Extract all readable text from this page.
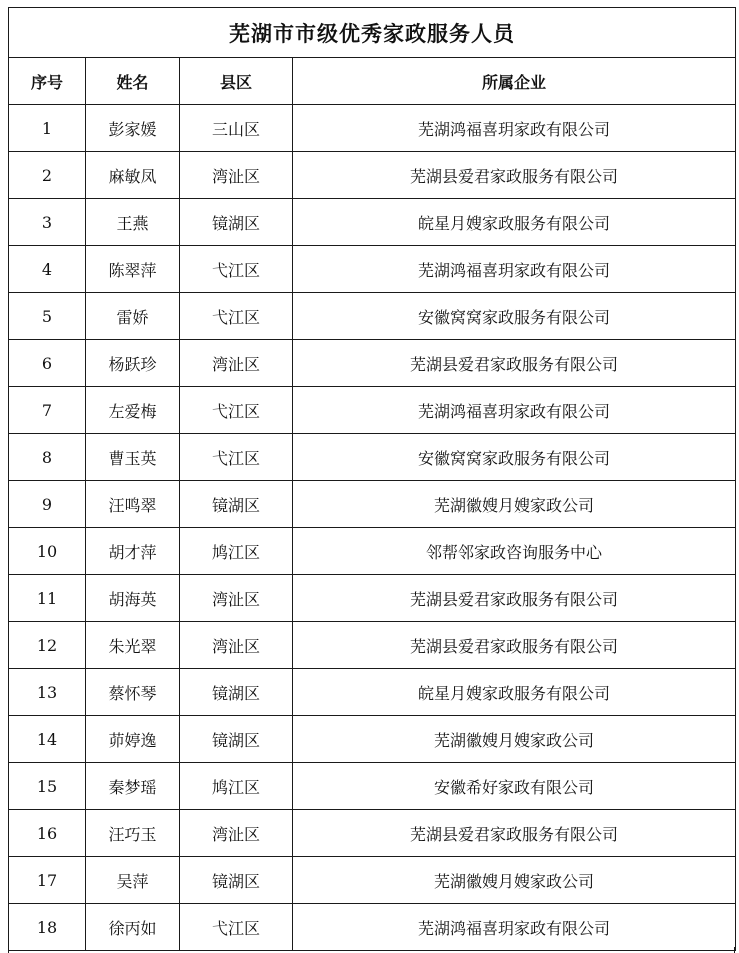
芜湖市市级优秀家政服务人员			
序号	姓名	县区	所属企业
1	彭家媛	三山区	芜湖鸿福喜玥家政有限公司
2	麻敏凤	湾沚区	芜湖县爱君家政服务有限公司
3	王燕	镜湖区	皖星月嫂家政服务有限公司
4	陈翠萍	弋江区	芜湖鸿福喜玥家政有限公司
5	雷娇	弋江区	安徽窝窝家政服务有限公司
6	杨跃珍	湾沚区	芜湖县爱君家政服务有限公司
7	左爱梅	弋江区	芜湖鸿福喜玥家政有限公司
8	曹玉英	弋江区	安徽窝窝家政服务有限公司
9	汪鸣翠	镜湖区	芜湖徽嫂月嫂家政公司
10	胡才萍	鸠江区	邻帮邻家政咨询服务中心
11	胡海英	湾沚区	芜湖县爱君家政服务有限公司
12	朱光翠	湾沚区	芜湖县爱君家政服务有限公司
13	蔡怀琴	镜湖区	皖星月嫂家政服务有限公司
14	茆婷逸	镜湖区	芜湖徽嫂月嫂家政公司
15	秦梦瑶	鸠江区	安徽希好家政有限公司
16	汪巧玉	湾沚区	芜湖县爱君家政服务有限公司
17	吴萍	镜湖区	芜湖徽嫂月嫂家政公司
18	徐丙如	弋江区	芜湖鸿福喜玥家政有限公司
